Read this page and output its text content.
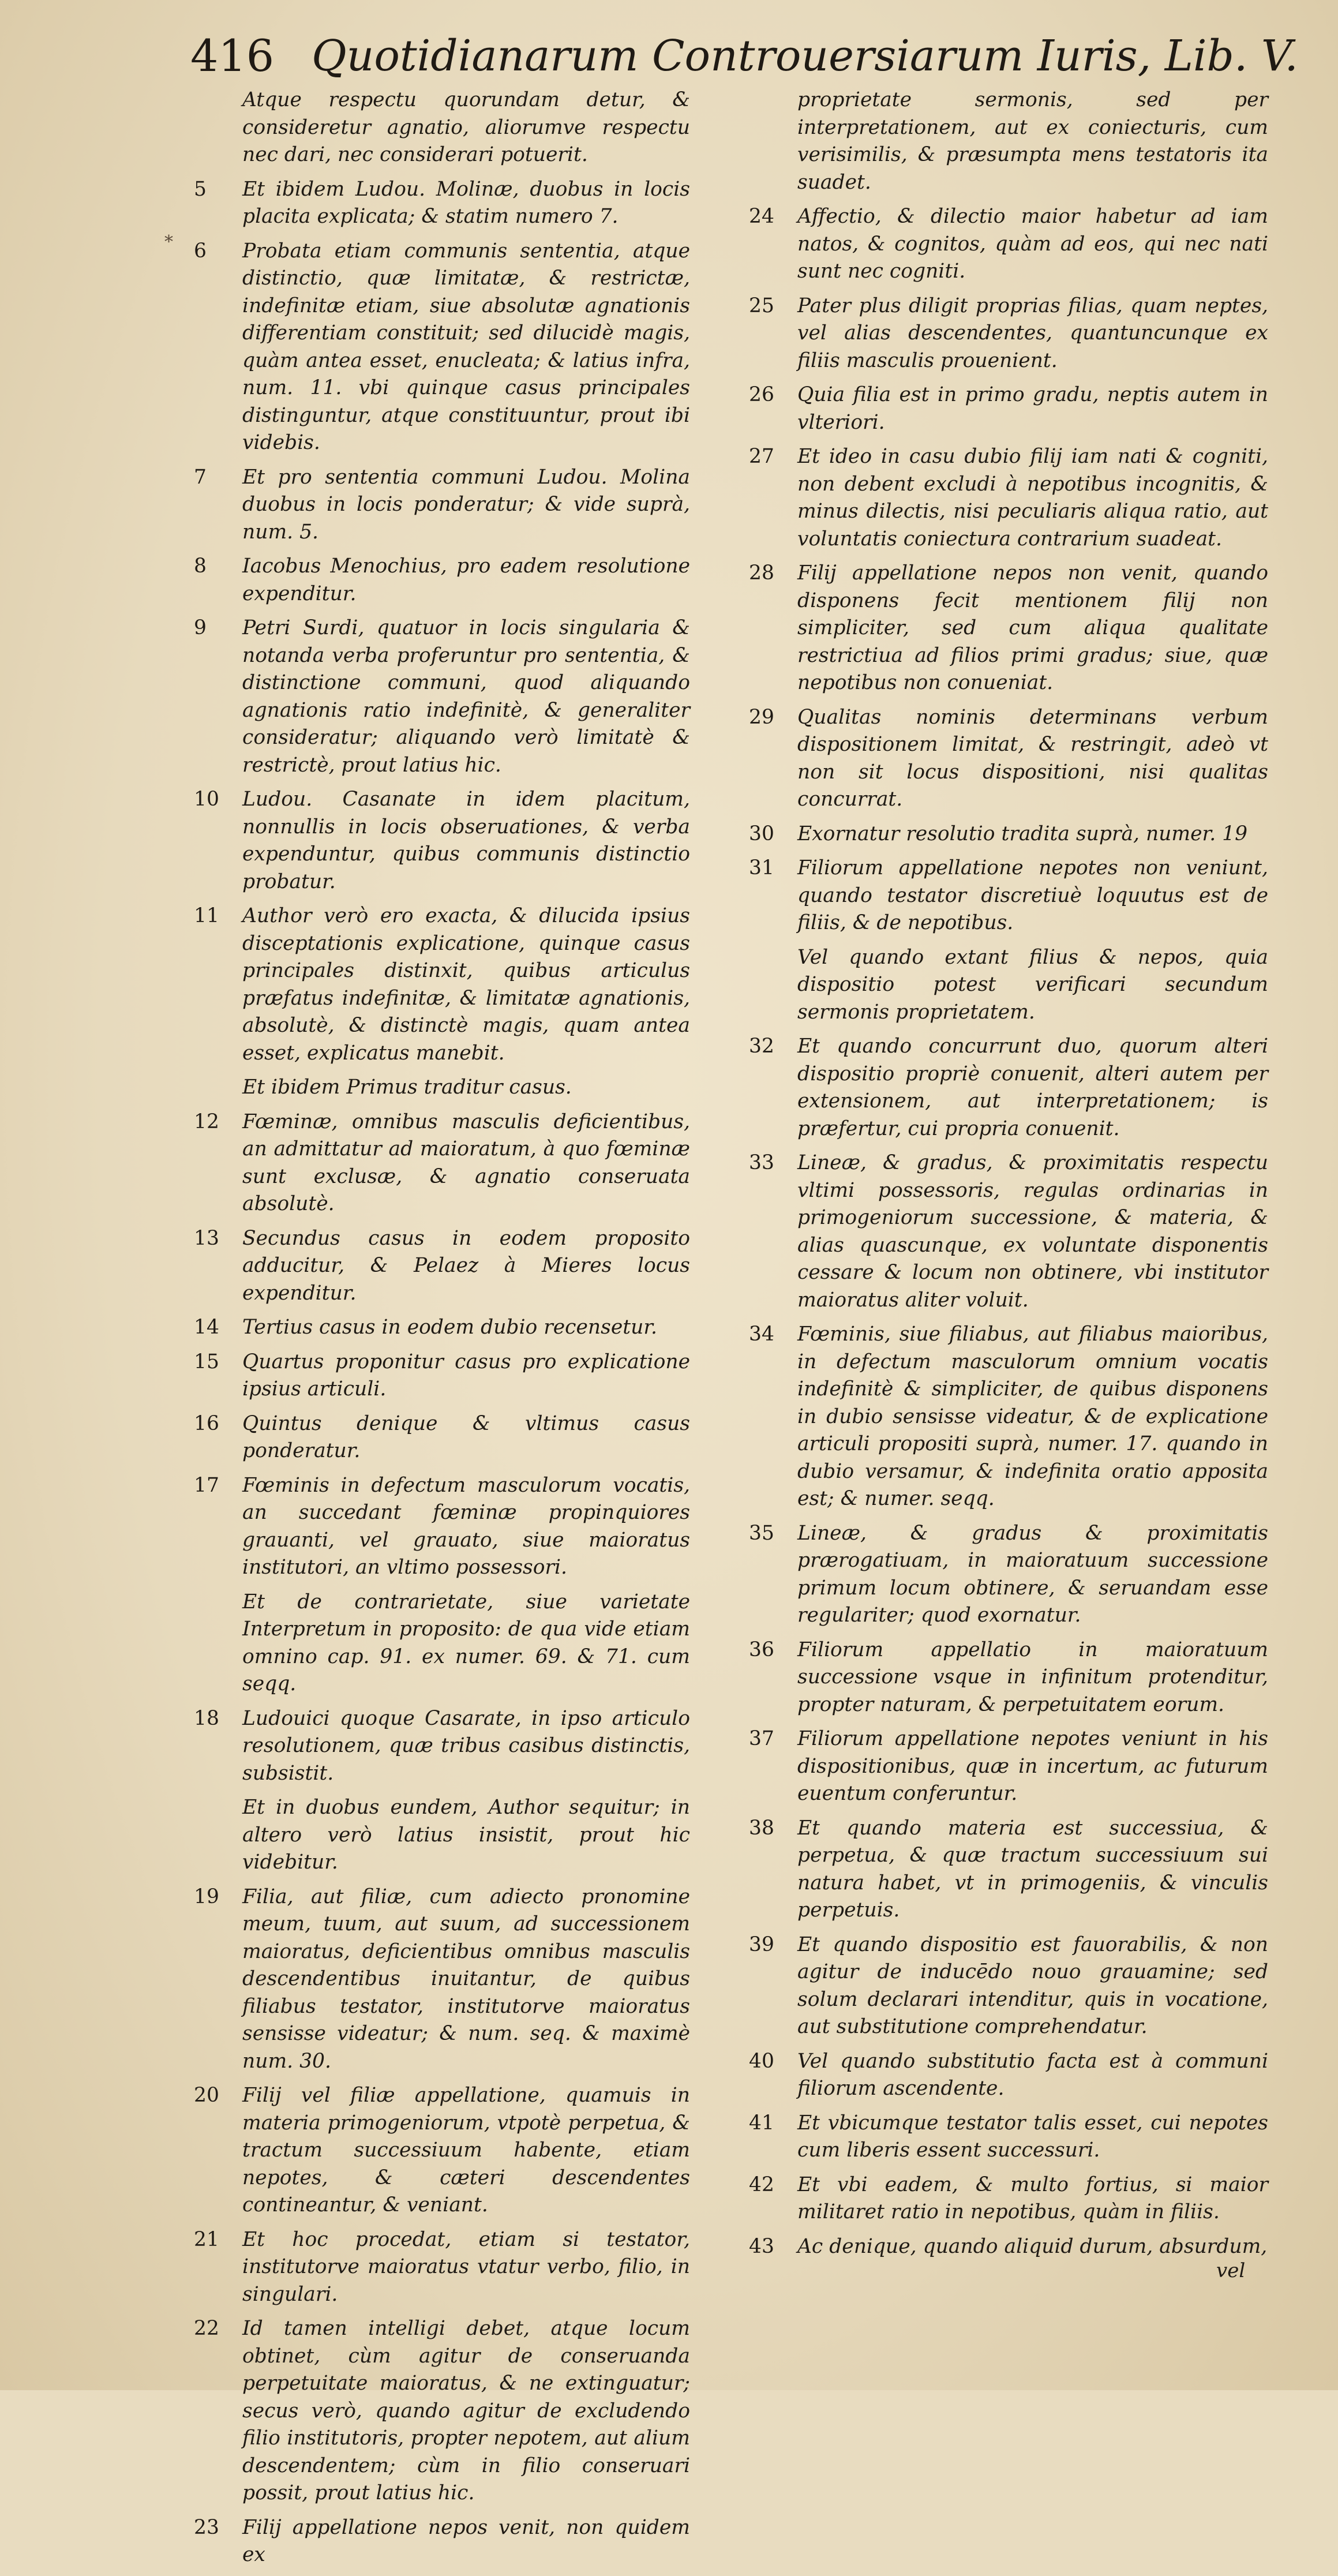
416 Quotidianarum Controuersiarum Iuris, Lib. V.
*
Atque respectu quorundam detur, & consideretur agnatio, aliorumve respectu nec dari, nec considerari potuerit.
5	Et ibidem Ludou. Molinæ, duobus in locis placita explicata; & statim numero 7.
6	Probata etiam communis sententia, atque distinctio, quæ limitatæ, & restrictæ, indefinitæ etiam, siue absolutæ agnationis differentiam constituit; sed dilucidè magis, quàm antea esset, enucleata; & latius infra, num. 11. vbi quinque casus principales distinguntur, atque constituuntur, prout ibi videbis.
7	Et pro sententia communi Ludou. Molina duobus in locis ponderatur; & vide suprà, num. 5.
8	Iacobus Menochius, pro eadem resolutione expenditur.
9	Petri Surdi, quatuor in locis singularia & notanda verba proferuntur pro sententia, & distinctione communi, quod aliquando agnationis ratio indefinitè, & generaliter consideratur; aliquando verò limitatè & restrictè, prout latius hic.
10	Ludou. Casanate in idem placitum, nonnullis in locis obseruationes, & verba expenduntur, quibus communis distinctio probatur.
11	Author verò ero exacta, & dilucida ipsius disceptationis explicatione, quinque casus principales distinxit, quibus articulus præfatus indefinitæ, & limitatæ agnationis, absolutè, & distinctè magis, quam antea esset, explicatus manebit.
Et ibidem Primus traditur casus.
12	Fœminæ, omnibus masculis deficientibus, an admittatur ad maioratum, à quo fœminæ sunt exclusæ, & agnatio conseruata absolutè.
13	Secundus casus in eodem proposito adducitur, & Pelaez à Mieres locus expenditur.
14	Tertius casus in eodem dubio recensetur.
15	Quartus proponitur casus pro explicatione ipsius articuli.
16	Quintus denique & vltimus casus ponderatur.
17	Fœminis in defectum masculorum vocatis, an succedant fœminæ propinquiores grauanti, vel grauato, siue maioratus institutori, an vltimo possessori.
Et de contrarietate, siue varietate Interpretum in proposito: de qua vide etiam omnino cap. 91. ex numer. 69. & 71. cum seqq.
18	Ludouici quoque Casarate, in ipso articulo resolutionem, quæ tribus casibus distinctis, subsistit.
Et in duobus eundem, Author sequitur; in altero verò latius insistit, prout hic videbitur.
19	Filia, aut filiæ, cum adiecto pronomine meum, tuum, aut suum, ad successionem maioratus, deficientibus omnibus masculis descendentibus inuitantur, de quibus filiabus testator, institutorve maioratus sensisse videatur; & num. seq. & maximè num. 30.
20	Filij vel filiæ appellatione, quamuis in materia primogeniorum, vtpotè perpetua, & tractum successiuum habente, etiam nepotes, & cæteri descendentes contineantur, & veniant.
21	Et hoc procedat, etiam si testator, institutorve maioratus vtatur verbo, filio, in singulari.
22	Id tamen intelligi debet, atque locum obtinet, cùm agitur de conseruanda perpetuitate maioratus, & ne extinguatur; secus verò, quando agitur de excludendo filio institutoris, propter nepotem, aut alium descendentem; cùm in filio conseruari possit, prout latius hic.
23	Filij appellatione nepos venit, non quidem ex
proprietate sermonis, sed per interpretationem, aut ex coniecturis, cum verisimilis, & præsumpta mens testatoris ita suadet.
24	Affectio, & dilectio maior habetur ad iam natos, & cognitos, quàm ad eos, qui nec nati sunt nec cogniti.
25	Pater plus diligit proprias filias, quam neptes, vel alias descendentes, quantuncunque ex filiis masculis prouenient.
26	Quia filia est in primo gradu, neptis autem in vlteriori.
27	Et ideo in casu dubio filij iam nati & cogniti, non debent excludi à nepotibus incognitis, & minus dilectis, nisi peculiaris aliqua ratio, aut voluntatis coniectura contrarium suadeat.
28	Filij appellatione nepos non venit, quando disponens fecit mentionem filij non simpliciter, sed cum aliqua qualitate restrictiua ad filios primi gradus; siue, quæ nepotibus non conueniat.
29	Qualitas nominis determinans verbum dispositionem limitat, & restringit, adeò vt non sit locus dispositioni, nisi qualitas concurrat.
30	Exornatur resolutio tradita suprà, numer. 19
31	Filiorum appellatione nepotes non veniunt, quando testator discretiuè loquutus est de filiis, & de nepotibus.
Vel quando extant filius & nepos, quia dispositio potest verificari secundum sermonis proprietatem.
32	Et quando concurrunt duo, quorum alteri dispositio propriè conuenit, alteri autem per extensionem, aut interpretationem; is præfertur, cui propria conuenit.
33	Lineæ, & gradus, & proximitatis respectu vltimi possessoris, regulas ordinarias in primogeniorum successione, & materia, & alias quascunque, ex voluntate disponentis cessare & locum non obtinere, vbi institutor maioratus aliter voluit.
34	Fœminis, siue filiabus, aut filiabus maioribus, in defectum masculorum omnium vocatis indefinitè & simpliciter, de quibus disponens in dubio sensisse videatur, & de explicatione articuli propositi suprà, numer. 17. quando in dubio versamur, & indefinita oratio apposita est; & numer. seqq.
35	Lineæ, & gradus & proximitatis prærogatiuam, in maioratuum successione primum locum obtinere, & seruandam esse regulariter; quod exornatur.
36	Filiorum appellatio in maioratuum successione vsque in infinitum protenditur, propter naturam, & perpetuitatem eorum.
37	Filiorum appellatione nepotes veniunt in his dispositionibus, quæ in incertum, ac futurum euentum conferuntur.
38	Et quando materia est successiua, & perpetua, & quæ tractum successiuum sui natura habet, vt in primogeniis, & vinculis perpetuis.
39	Et quando dispositio est fauorabilis, & non agitur de inducēdo nouo grauamine; sed solum declarari intenditur, quis in vocatione, aut substitutione comprehendatur.
40	Vel quando substitutio facta est à communi filiorum ascendente.
41	Et vbicumque testator talis esset, cui nepotes cum liberis essent successuri.
42	Et vbi eadem, & multo fortius, si maior militaret ratio in nepotibus, quàm in filiis.
43	Ac denique, quando aliquid durum, absurdum,
vel
